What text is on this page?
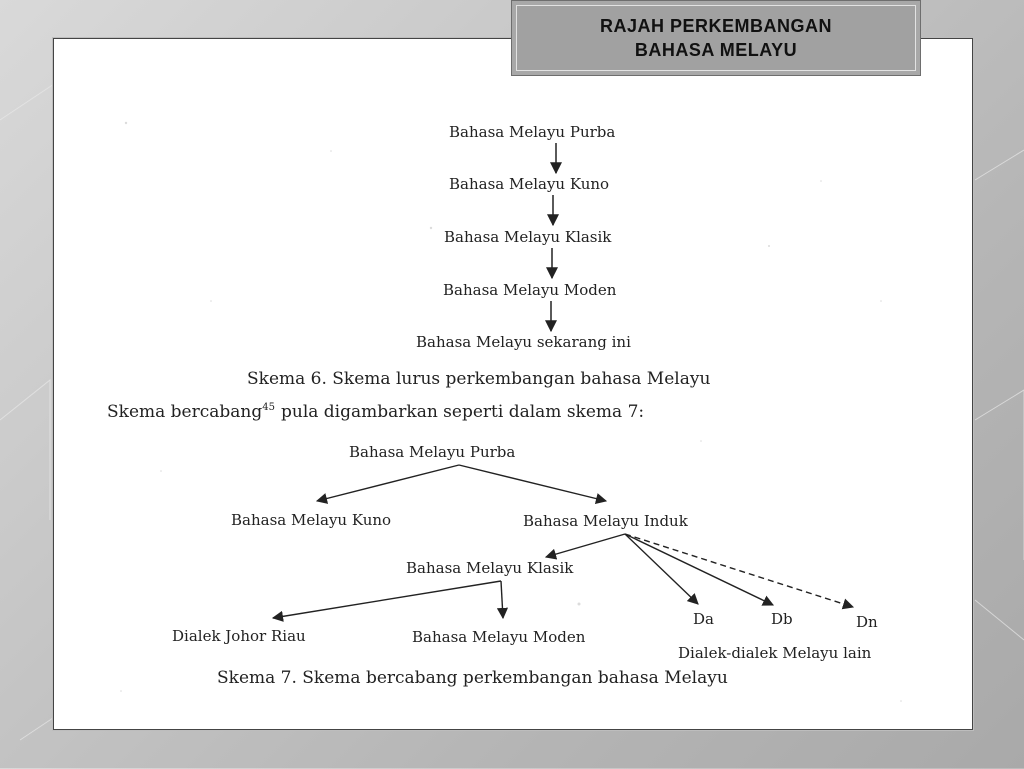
Bahasa Melayu Purba
Bahasa Melayu Kuno
Bahasa Melayu Klasik
Bahasa Melayu Moden
Bahasa Melayu sekarang ini
Skema 6. Skema lurus perkembangan bahasa Melayu
Skema bercabang$^{45}$ pula digambarkan seperti dalam skema 7:
Bahasa Melayu Purba
Bahasa Melayu Kuno	Bahasa Melayu Induk
Bahasa Melayu Klasik
Da	Db	Dn
Dialek Johor Riau	Bahasa Melayu Moden
Dialek-dialek Melayu lain
Skema 7. Skema bercabang perkembangan bahasa Melayu
RAJAH PERKEMBANGAN
BAHASA MELAYU
